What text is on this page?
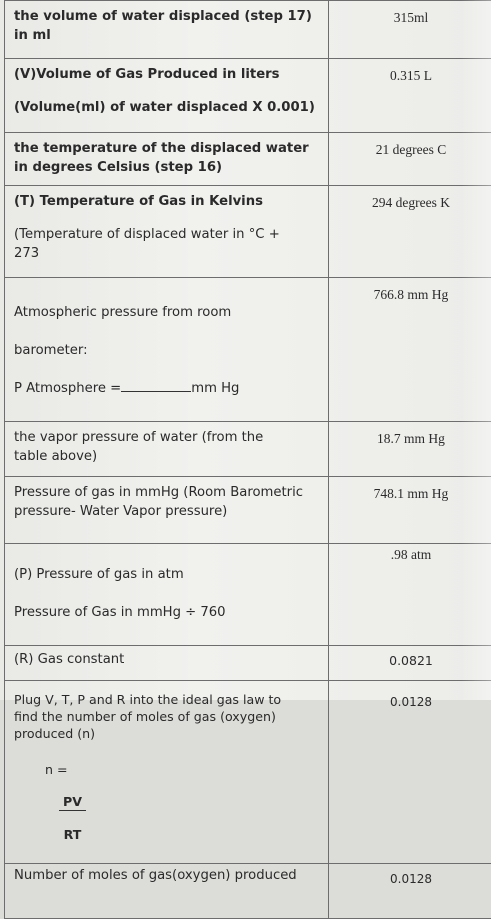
the volume of water displaced (step 17) in ml	315ml

(V)Volume of Gas Produced in liters
(Volume(ml) of water displaced X 0.001)	0.315 L

the temperature of the displaced water in degrees Celsius (step 16)	21 degrees C

(T) Temperature of Gas in Kelvins
(Temperature of displaced water in °C + 273	294 degrees K

Atmospheric pressure from room

barometer:

P Atmosphere = mm Hg	766.8 mm Hg

the vapor pressure of water (from the table above)	18.7 mm Hg

Pressure of gas in mmHg (Room Barometric pressure- Water Vapor pressure)	748.1 mm Hg

(P) Pressure of gas in atm

Pressure of Gas in mmHg ÷ 760	.98 atm

(R) Gas constant	0.0821

Plug V, T, P and R into the ideal gas law to find the number of moles of gas (oxygen) produced (n)

n =

$\frac{PV}{RT}$	0.0128

Number of moles of gas(oxygen) produced	0.0128
